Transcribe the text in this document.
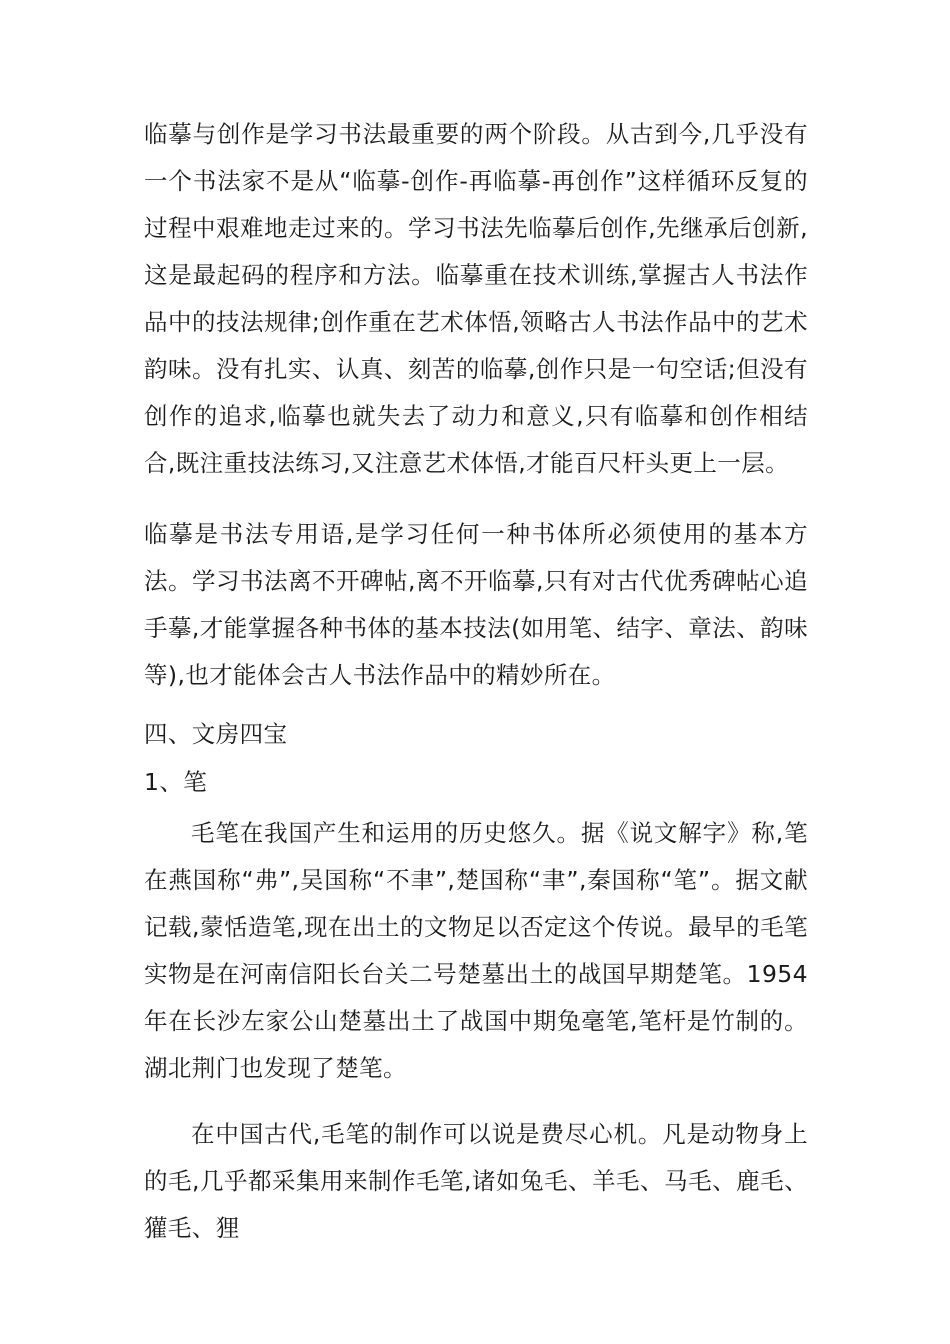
临摹与创作是学习书法最重要的两个阶段。从古到今,几乎没有一个书法家不是从“临摹-创作-再临摹-再创作”这样循环反复的过程中艰难地走过来的。学习书法先临摹后创作,先继承后创新,这是最起码的程序和方法。临摹重在技术训练,掌握古人书法作品中的技法规律;创作重在艺术体悟,领略古人书法作品中的艺术韵味。没有扎实、认真、刻苦的临摹,创作只是一句空话;但没有创作的追求,临摹也就失去了动力和意义,只有临摹和创作相结合,既注重技法练习,又注意艺术体悟,才能百尺杆头更上一层。

临摹是书法专用语,是学习任何一种书体所必须使用的基本方法。学习书法离不开碑帖,离不开临摹,只有对古代优秀碑帖心追手摹,才能掌握各种书体的基本技法(如用笔、结字、章法、韵味等),也才能体会古人书法作品中的精妙所在。

四、文房四宝
1、笔

毛笔在我国产生和运用的历史悠久。据《说文解字》称,笔在燕国称“弗”,吴国称“不聿”,楚国称“聿”,秦国称“笔”。据文献记载,蒙恬造笔,现在出土的文物足以否定这个传说。最早的毛笔实物是在河南信阳长台关二号楚墓出土的战国早期楚笔。1954 年在长沙左家公山楚墓出土了战国中期兔毫笔,笔杆是竹制的。湖北荆门也发现了楚笔。

在中国古代,毛笔的制作可以说是费尽心机。凡是动物身上的毛,几乎都采集用来制作毛笔,诸如兔毛、羊毛、马毛、鹿毛、獾毛、狸
